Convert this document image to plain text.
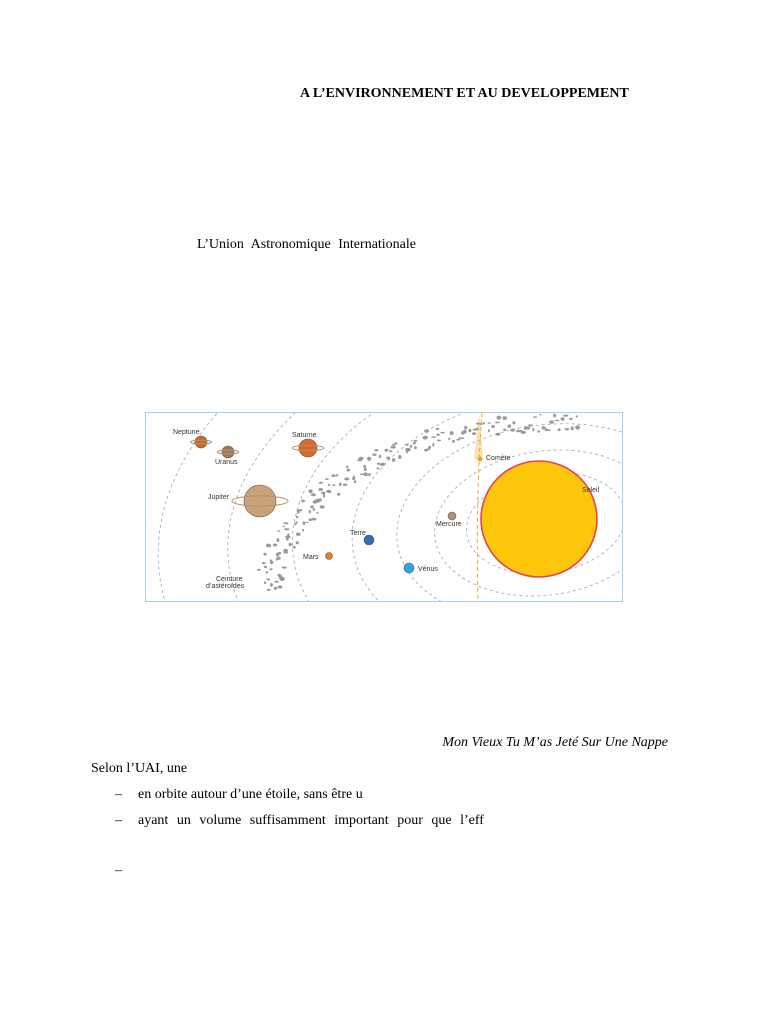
A L’ENVIRONNEMENT ET AU DEVELOPPEMENT
L’Union Astronomique Internationale
Neptune
Uranus
Saturne
Jupiter
Comète
Soleil
Mercure
Terre
Mars
Vénus
Ceinture
d’astéroïdes
Mon Vieux Tu M’as Jeté Sur Une Nappe
Selon l’UAI, une
– en orbite autour d’une étoile, sans être u
– ayant un volume suffisamment important pour que l’eff
–
